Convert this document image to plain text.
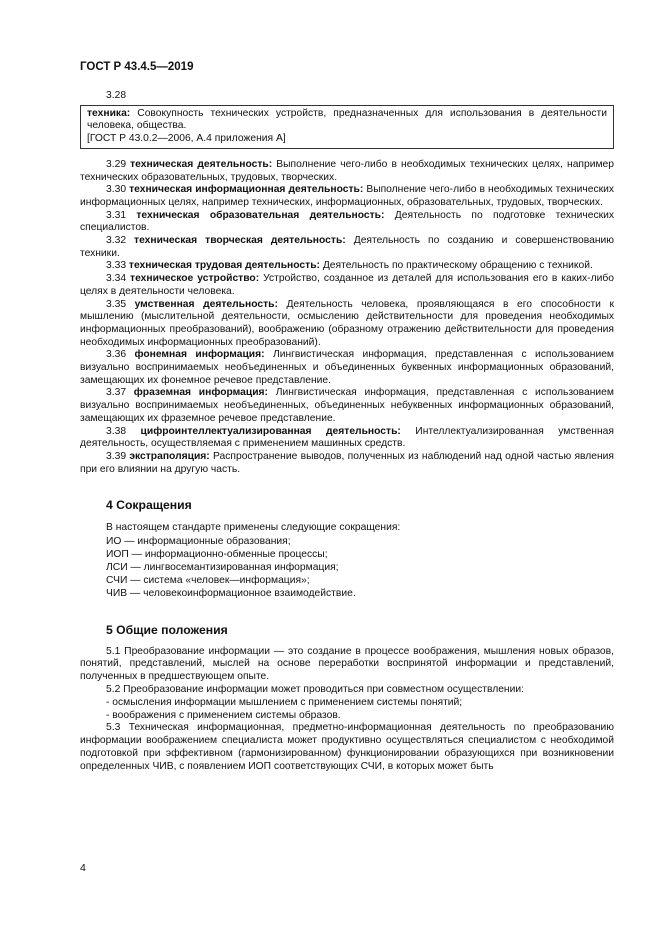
ГОСТ Р 43.4.5—2019
3.28

техника: Совокупность технических устройств, предназначенных для использования в деятельности человека, общества.

[ГОСТ Р 43.0.2—2006, А.4 приложения А]

3.29 техническая деятельность: Выполнение чего-либо в необходимых технических целях, например технических образовательных, трудовых, творческих.

3.30 техническая информационная деятельность: Выполнение чего-либо в необходимых технических информационных целях, например технических, информационных, образовательных, трудовых, творческих.

3.31 техническая образовательная деятельность: Деятельность по подготовке технических специалистов.

3.32 техническая творческая деятельность: Деятельность по созданию и совершенствованию техники.

3.33 техническая трудовая деятельность: Деятельность по практическому обращению с техникой.

3.34 техническое устройство: Устройство, созданное из деталей для использования его в каких-либо целях в деятельности человека.

3.35 умственная деятельность: Деятельность человека, проявляющаяся в его способности к мышлению (мыслительной деятельности, осмыслению действительности для проведения необходимых информационных преобразований), воображению (образному отражению действительности для проведения необходимых информационных преобразований).

3.36 фонемная информация: Лингвистическая информация, представленная с использованием визуально воспринимаемых необъединенных и объединенных буквенных информационных образований, замещающих их фонемное речевое представление.

3.37 фраземная информация: Лингвистическая информация, представленная с использованием визуально воспринимаемых необъединенных, объединенных небуквенных информационных образований, замещающих их фраземное речевое представление.

3.38 цифроинтеллектуализированная деятельность: Интеллектуализированная умственная деятельность, осуществляемая с применением машинных средств.

3.39 экстраполяция: Распространение выводов, полученных из наблюдений над одной частью явления при его влиянии на другую часть.

4 Сокращения

В настоящем стандарте применены следующие сокращения:

ИО — информационные образования;

ИОП — информационно-обменные процессы;

ЛСИ — лингвосемантизированная информация;

СЧИ — система «человек—информация»;

ЧИВ — человекоинформационное взаимодействие.

5 Общие положения

5.1 Преобразование информации — это создание в процессе воображения, мышления новых образов, понятий, представлений, мыслей на основе переработки воспринятой информации и представлений, полученных в предшествующем опыте.

5.2 Преобразование информации может проводиться при совместном осуществлении:

- осмысления информации мышлением с применением системы понятий;

- воображения с применением системы образов.

5.3 Техническая информационная, предметно-информационная деятельность по преобразованию информации воображением специалиста может продуктивно осуществляться специалистом с необходимой подготовкой при эффективном (гармонизированном) функционировании образующихся при возникновении определенных ЧИВ, с появлением ИОП соответствующих СЧИ, в которых может быть

4
